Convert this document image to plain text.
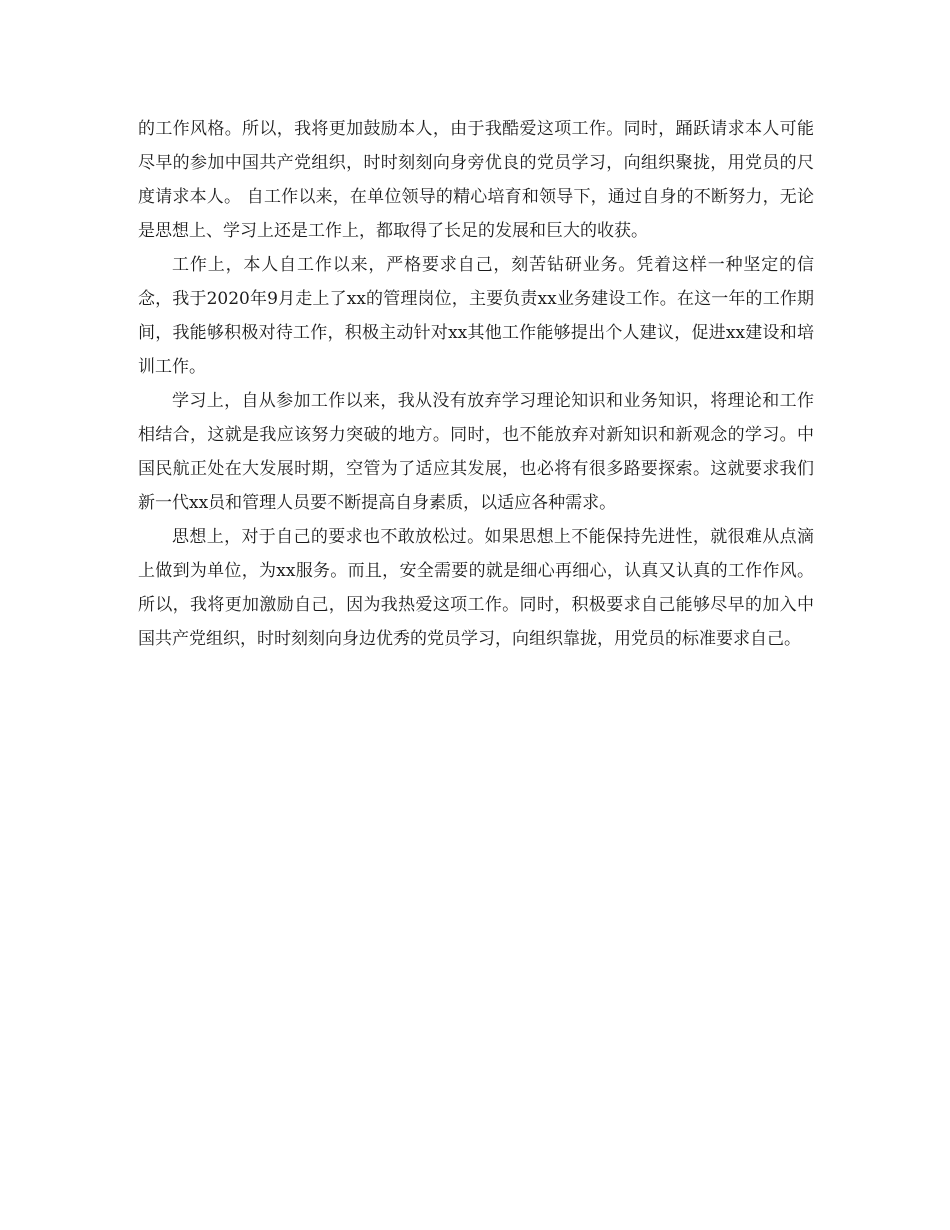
的工作风格。所以，我将更加鼓励本人，由于我酷爱这项工作。同时，踊跃请求本人可能尽早的参加中国共产党组织，时时刻刻向身旁优良的党员学习，向组织聚拢，用党员的尺度请求本人。 自工作以来，在单位领导的精心培育和领导下，通过自身的不断努力，无论是思想上、学习上还是工作上，都取得了长足的发展和巨大的收获。

工作上，本人自工作以来，严格要求自己，刻苦钻研业务。凭着这样一种坚定的信念，我于2020年9月走上了xx的管理岗位，主要负责xx业务建设工作。在这一年的工作期间，我能够积极对待工作，积极主动针对xx其他工作能够提出个人建议，促进xx建设和培训工作。

学习上，自从参加工作以来，我从没有放弃学习理论知识和业务知识，将理论和工作相结合，这就是我应该努力突破的地方。同时，也不能放弃对新知识和新观念的学习。中国民航正处在大发展时期，空管为了适应其发展，也必将有很多路要探索。这就要求我们新一代xx员和管理人员要不断提高自身素质，以适应各种需求。

思想上，对于自己的要求也不敢放松过。如果思想上不能保持先进性，就很难从点滴上做到为单位，为xx服务。而且，安全需要的就是细心再细心，认真又认真的工作作风。所以，我将更加激励自己，因为我热爱这项工作。同时，积极要求自己能够尽早的加入中国共产党组织，时时刻刻向身边优秀的党员学习，向组织靠拢，用党员的标准要求自己。
